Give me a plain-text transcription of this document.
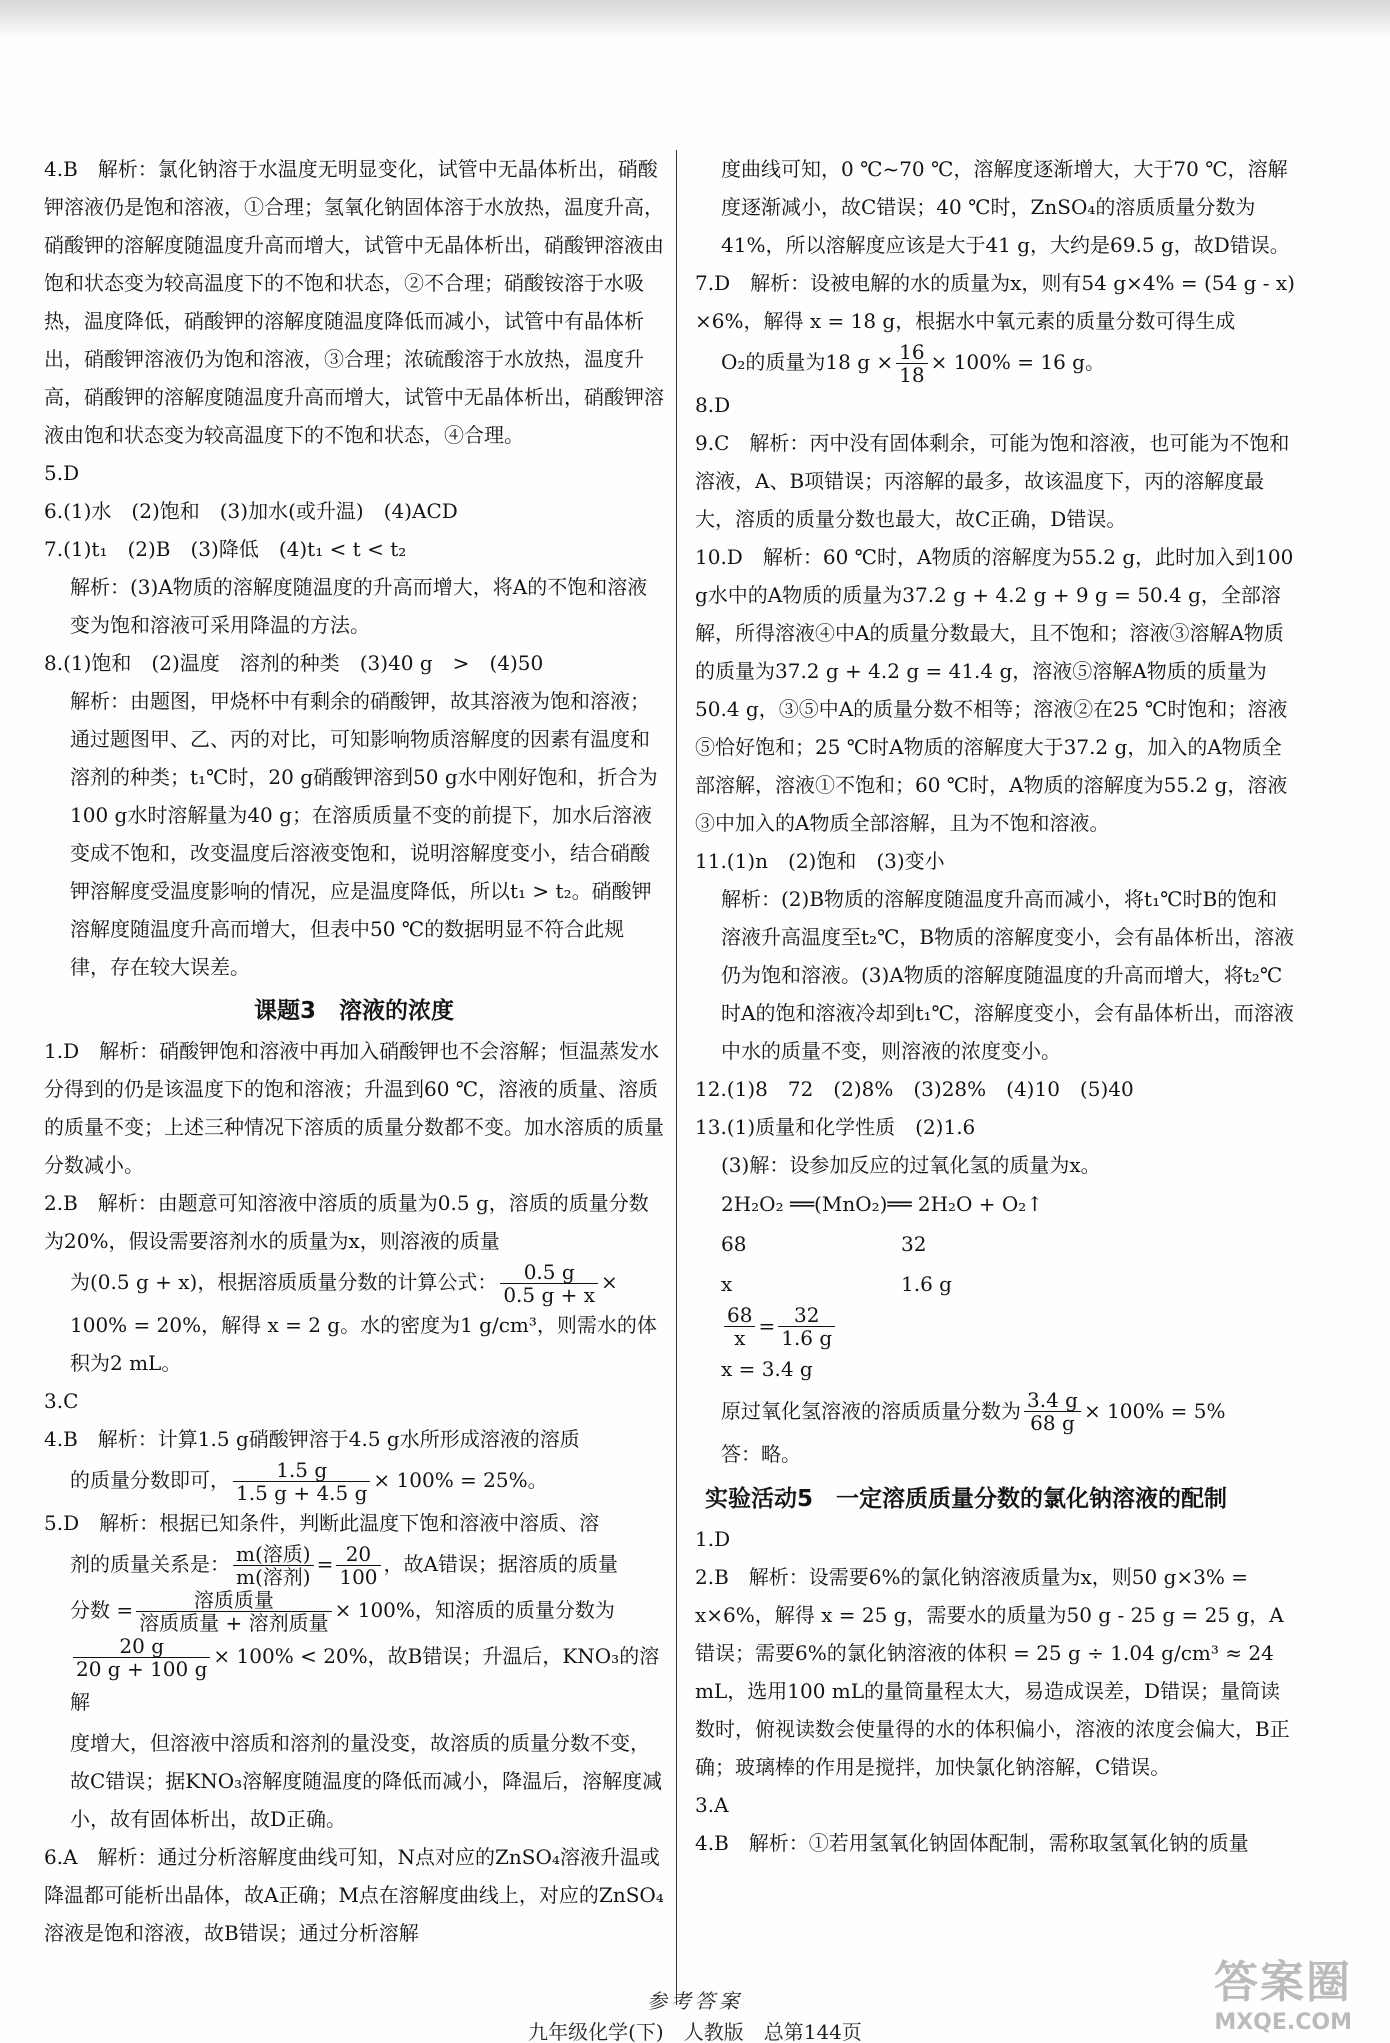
4.B　解析：氯化钠溶于水温度无明显变化，试管中无晶体析出，硝酸钾溶液仍是饱和溶液，①合理；氢氧化钠固体溶于水放热，温度升高，硝酸钾的溶解度随温度升高而增大，试管中无晶体析出，硝酸钾溶液由饱和状态变为较高温度下的不饱和状态，②不合理；硝酸铵溶于水吸热，温度降低，硝酸钾的溶解度随温度降低而减小，试管中有晶体析出，硝酸钾溶液仍为饱和溶液，③合理；浓硫酸溶于水放热，温度升高，硝酸钾的溶解度随温度升高而增大，试管中无晶体析出，硝酸钾溶液由饱和状态变为较高温度下的不饱和状态，④合理。

5.D

6.(1)水　(2)饱和　(3)加水(或升温)　(4)ACD

7.(1)t₁　(2)B　(3)降低　(4)t₁ < t < t₂

解析：(3)A物质的溶解度随温度的升高而增大，将A的不饱和溶液变为饱和溶液可采用降温的方法。

8.(1)饱和　(2)温度　溶剂的种类　(3)40 g　>　(4)50

解析：由题图，甲烧杯中有剩余的硝酸钾，故其溶液为饱和溶液；通过题图甲、乙、丙的对比，可知影响物质溶解度的因素有温度和溶剂的种类；t₁℃时，20 g硝酸钾溶到50 g水中刚好饱和，折合为100 g水时溶解量为40 g；在溶质质量不变的前提下，加水后溶液变成不饱和，改变温度后溶液变饱和，说明溶解度变小，结合硝酸钾溶解度受温度影响的情况，应是温度降低，所以t₁ > t₂。硝酸钾溶解度随温度升高而增大，但表中50 ℃的数据明显不符合此规律，存在较大误差。

课题3　溶液的浓度

1.D　解析：硝酸钾饱和溶液中再加入硝酸钾也不会溶解；恒温蒸发水分得到的仍是该温度下的饱和溶液；升温到60 ℃，溶液的质量、溶质的质量不变；上述三种情况下溶质的质量分数都不变。加水溶质的质量分数减小。

2.B　解析：由题意可知溶液中溶质的质量为0.5 g，溶质的质量分数为20%，假设需要溶剂水的质量为x，则溶液的质量

为(0.5 g + x)，根据溶质质量分数的计算公式： $\frac{0.5 g}{0.5 g + x}$ ×

100% = 20%，解得 x = 2 g。水的密度为1 g/cm³，则需水的体积为2 mL。

3.C

4.B　解析：计算1.5 g硝酸钾溶于4.5 g水所形成溶液的溶质

的质量分数即可， $\frac{1.5 g}{1.5 g + 4.5 g} \times 100\% = 25\%$。

5.D　解析：根据已知条件，判断此温度下饱和溶液中溶质、溶

剂的质量关系是： $\frac{\text{m(溶质)}}{\text{m(溶剂)}} = \frac{20}{100}$ ，故A错误；据溶质的质量

分数 = $\frac{\text{溶质质量}}{\text{溶质质量 + 溶剂质量}} \times 100\%$，知溶质的质量分数为

$\frac{20 g}{20 g + 100 g} \times 100\% < 20\%$，故B错误；升温后，KNO₃的溶解

度增大，但溶液中溶质和溶剂的量没变，故溶质的质量分数不变，故C错误；据KNO₃溶解度随温度的降低而减小，降温后，溶解度减小，故有固体析出，故D正确。

6.A　解析：通过分析溶解度曲线可知，N点对应的ZnSO₄溶液升温或降温都可能析出晶体，故A正确；M点在溶解度曲线上，对应的ZnSO₄溶液是饱和溶液，故B错误；通过分析溶解

度曲线可知，0 ℃~70 ℃，溶解度逐渐增大，大于70 ℃，溶解度逐渐减小，故C错误；40 ℃时，ZnSO₄的溶质质量分数为41%，所以溶解度应该是大于41 g，大约是69.5 g，故D错误。

7.D　解析：设被电解的水的质量为x，则有54 g×4% = (54 g - x) ×6%，解得 x = 18 g，根据水中氧元素的质量分数可得生成

O₂的质量为18 $g \times \frac{16}{18} \times 100\% = 16$ g。

8.D

9.C　解析：丙中没有固体剩余，可能为饱和溶液，也可能为不饱和溶液，A、B项错误；丙溶解的最多，故该温度下，丙的溶解度最大，溶质的质量分数也最大，故C正确，D错误。

10.D　解析：60 ℃时，A物质的溶解度为55.2 g，此时加入到100 g水中的A物质的质量为37.2 g + 4.2 g + 9 g = 50.4 g，全部溶解，所得溶液④中A的质量分数最大，且不饱和；溶液③溶解A物质的质量为37.2 g + 4.2 g = 41.4 g，溶液⑤溶解A物质的质量为50.4 g，③⑤中A的质量分数不相等；溶液②在25 ℃时饱和；溶液⑤恰好饱和；25 ℃时A物质的溶解度大于37.2 g，加入的A物质全部溶解，溶液①不饱和；60 ℃时，A物质的溶解度为55.2 g，溶液③中加入的A物质全部溶解，且为不饱和溶液。

11.(1)n　(2)饱和　(3)变小

解析：(2)B物质的溶解度随温度升高而减小，将t₁℃时B的饱和溶液升高温度至t₂℃，B物质的溶解度变小，会有晶体析出，溶液仍为饱和溶液。(3)A物质的溶解度随温度的升高而增大，将t₂℃时A的饱和溶液冷却到t₁℃，溶解度变小，会有晶体析出，而溶液中水的质量不变，则溶液的浓度变小。

12.(1)8　72　(2)8%　(3)28%　(4)10　(5)40

13.(1)质量和化学性质　(2)1.6

(3)解：设参加反应的过氧化氢的质量为x。

2H₂O₂ ══(MnO₂)══ 2H₂O + O₂↑
68	32
x	1.6 g
$\frac{68}{x} = \frac{32}{1.6 g}$
x = 3.4 g
原过氧化氢溶液的溶质质量分数为 $\frac{3.4 g}{68 g} \times 100\% = 5\%$
答：略。
实验活动5　一定溶质质量分数的氯化钠溶液的配制

1.D

2.B　解析：设需要6%的氯化钠溶液质量为x，则50 g×3% = x×6%，解得 x = 25 g，需要水的质量为50 g - 25 g = 25 g，A错误；需要6%的氯化钠溶液的体积 = 25 g ÷ 1.04 g/cm³ ≈ 24 mL，选用100 mL的量筒量程太大，易造成误差，D错误；量筒读数时，俯视读数会使量得的水的体积偏小，溶液的浓度会偏大，B正确；玻璃棒的作用是搅拌，加快氯化钠溶解，C错误。

3.A

4.B　解析：①若用氢氧化钠固体配制，需称取氢氧化钠的质量

参考答案
九年级化学(下)　人教版　总第144页
答案圈
MXQE.COM
